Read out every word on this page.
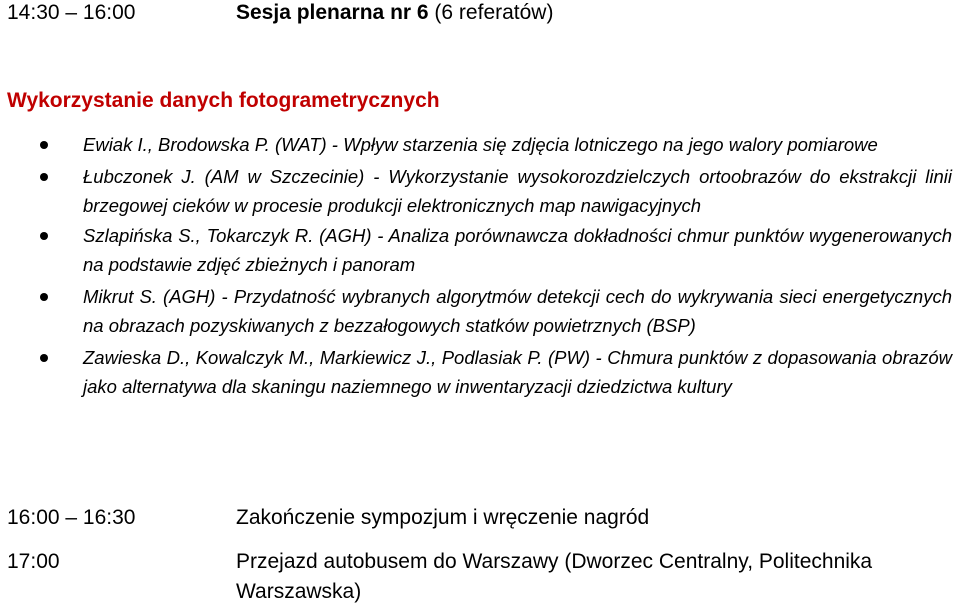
14:30 – 16:00	Sesja plenarna nr 6 (6 referatów)
Wykorzystanie danych fotogrametrycznych
Ewiak I., Brodowska P. (WAT) - Wpływ starzenia się zdjęcia lotniczego na jego walory pomiarowe
Łubczonek J. (AM w Szczecinie) - Wykorzystanie wysokorozdzielczych ortoobrazów do ekstrakcji linii brzegowej cieków w procesie produkcji elektronicznych map nawigacyjnych
Szlapińska S., Tokarczyk R. (AGH) - Analiza porównawcza dokładności chmur punktów wygenerowanych na podstawie zdjęć zbieżnych i panoram
Mikrut S. (AGH) - Przydatność wybranych algorytmów detekcji cech do wykrywania sieci energetycznych na obrazach pozyskiwanych z bezzałogowych statków powietrznych (BSP)
Zawieska D., Kowalczyk M., Markiewicz J., Podlasiak P. (PW) - Chmura punktów z dopasowania obrazów jako alternatywa dla skaningu naziemnego w inwentaryzacji dziedzictwa kultury
16:00 – 16:30	Zakończenie sympozjum i wręczenie nagród
17:00	Przejazd autobusem do Warszawy (Dworzec Centralny, Politechnika Warszawska)
